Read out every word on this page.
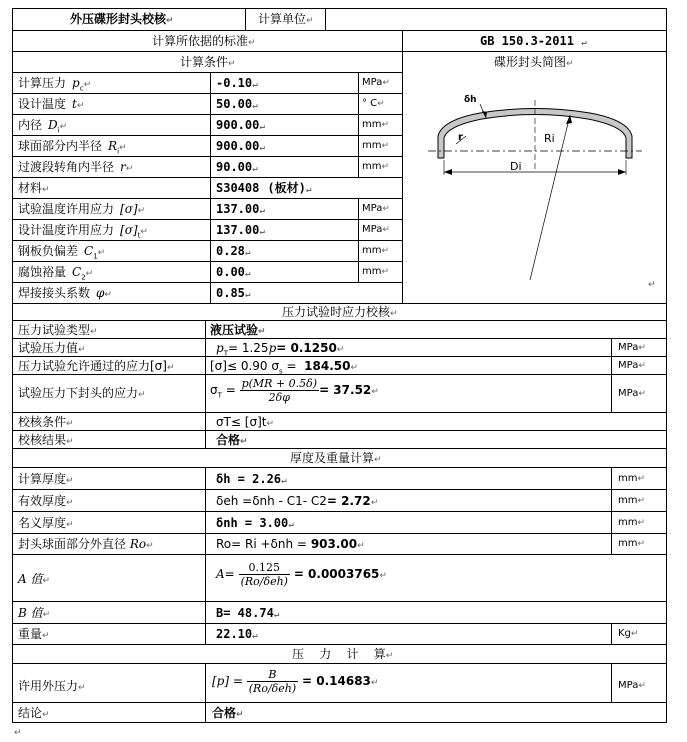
外压碟形封头校核↵	计算单位↵
计算所依据的标准↵	GB 150.3-2011 ↵
计算条件↵	碟形封头简图↵
计算压力 $p_c↵$	-0.10↵	MPa↵
设计温度 t↵	50.00↵	° C↵
内径 $D_i↵$	900.00↵	mm↵
球面部分内半径 $R_i↵$	900.00↵	mm↵
过渡段转角内半径 r↵	90.00↵	mm↵
材料↵	S30408 (板材)↵
试验温度许用应力 [σ]↵	137.00↵	MPa↵
设计温度许用应力 $[\sigma]_t↵$	137.00↵	MPa↵
钢板负偏差 $C_1↵$	0.28↵	mm↵
腐蚀裕量 $C_2↵$	0.00↵	mm↵
焊接接头系数 φ↵	0.85↵
δh
Ri
r
Di
↵
压力试验时应力校核↵
压力试验类型↵	液压试验↵
试验压力值↵	$p_T= 1.25p=$ 0.1250↵	MPa↵
压力试验允许通过的应力[σ]↵	[σ]≤ 0.90 $\sigma_s$ =  184.50↵	MPa↵
试验压力下封头的应力↵	$\sigma_T = \frac{p(MR + 0.5\delta)}{2\delta\varphi}$ = 37.52↵	MPa↵
校核条件↵	σT≤ [σ]t↵
校核结果↵	合格↵
厚度及重量计算↵
计算厚度↵	δh = 2.26↵	mm↵
有效厚度↵	δeh =δnh - C1- C2= 2.72↵	mm↵
名义厚度↵	δnh = 3.00↵	mm↵
封头球面部分外直径 Ro↵	Ro= Ri +δnh = 903.00↵	mm↵
A 值↵	$A= \frac{0.125}{\text{(Ro/δeh)}}$ = 0.0003765↵
B 值↵	B= 48.74↵
重量↵	22.10↵	Kg↵
压    力    计    算↵
许用外压力↵	$[p] = \frac{B}{\text{(Ro/δeh)}}$ = 0.14683↵	MPa↵
结论↵	合格↵
↵
